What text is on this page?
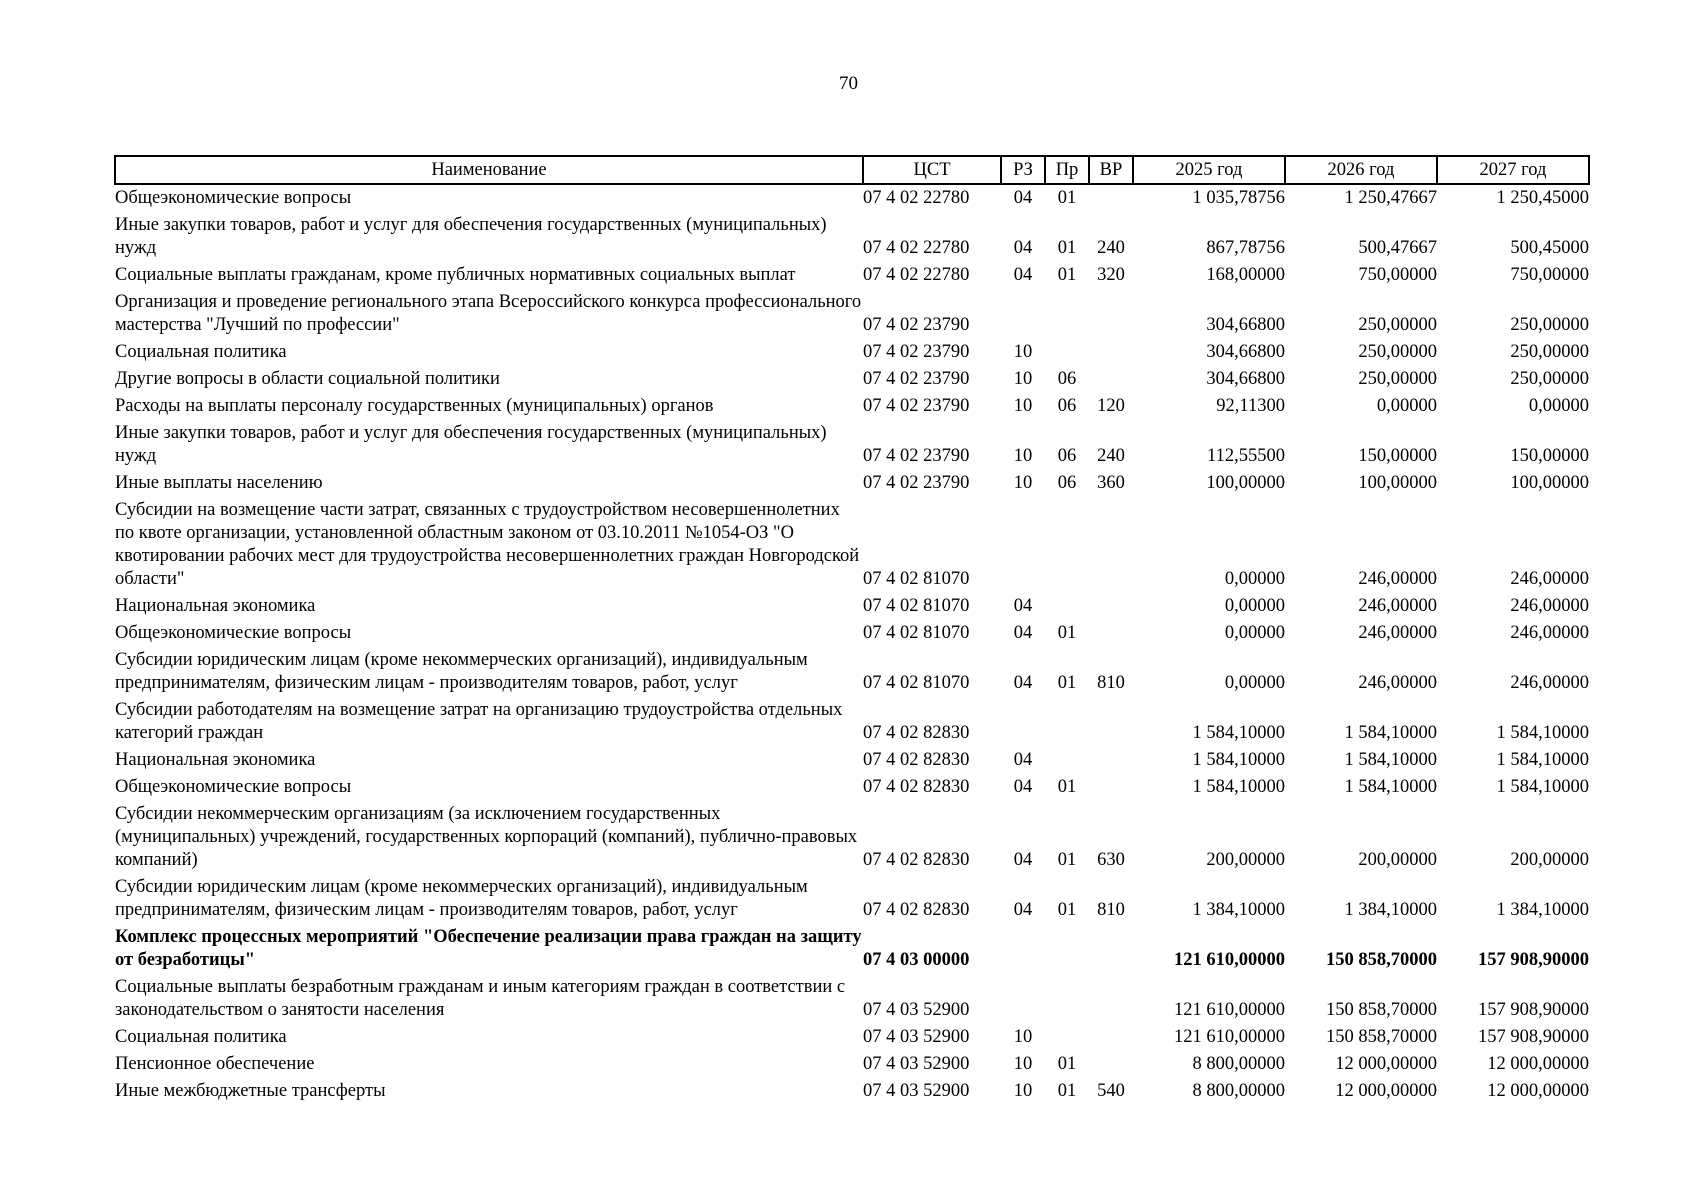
70
Наименование	ЦСТ	РЗ	Пр	ВР	2025 год	2026 год	2027 год
Общеэкономические вопросы	07 4 02 22780	04	01		1 035,78756	1 250,47667	1 250,45000
Иные закупки товаров, работ и услуг для обеспечения государственных (муниципальных) нужд	07 4 02 22780	04	01	240	867,78756	500,47667	500,45000
Социальные выплаты гражданам, кроме публичных нормативных социальных выплат	07 4 02 22780	04	01	320	168,00000	750,00000	750,00000
Организация и проведение регионального этапа Всероссийского конкурса профессионального мастерства "Лучший по профессии"	07 4 02 23790				304,66800	250,00000	250,00000
Социальная политика	07 4 02 23790	10			304,66800	250,00000	250,00000
Другие вопросы в области социальной политики	07 4 02 23790	10	06		304,66800	250,00000	250,00000
Расходы на выплаты персоналу государственных (муниципальных) органов	07 4 02 23790	10	06	120	92,11300	0,00000	0,00000
Иные закупки товаров, работ и услуг для обеспечения государственных (муниципальных) нужд	07 4 02 23790	10	06	240	112,55500	150,00000	150,00000
Иные выплаты населению	07 4 02 23790	10	06	360	100,00000	100,00000	100,00000
Субсидии на возмещение части затрат, связанных с трудоустройством несовершеннолетних по квоте организации, установленной областным законом от 03.10.2011 №1054-ОЗ "О квотировании рабочих мест для трудоустройства несовершеннолетних граждан Новгородской области"	07 4 02 81070				0,00000	246,00000	246,00000
Национальная экономика	07 4 02 81070	04			0,00000	246,00000	246,00000
Общеэкономические вопросы	07 4 02 81070	04	01		0,00000	246,00000	246,00000
Субсидии юридическим лицам (кроме некоммерческих организаций), индивидуальным предпринимателям, физическим лицам - производителям товаров, работ, услуг	07 4 02 81070	04	01	810	0,00000	246,00000	246,00000
Субсидии работодателям на возмещение затрат на организацию трудоустройства отдельных категорий граждан	07 4 02 82830				1 584,10000	1 584,10000	1 584,10000
Национальная экономика	07 4 02 82830	04			1 584,10000	1 584,10000	1 584,10000
Общеэкономические вопросы	07 4 02 82830	04	01		1 584,10000	1 584,10000	1 584,10000
Субсидии некоммерческим организациям (за исключением государственных (муниципальных) учреждений, государственных корпораций (компаний), публично-правовых компаний)	07 4 02 82830	04	01	630	200,00000	200,00000	200,00000
Субсидии юридическим лицам (кроме некоммерческих организаций), индивидуальным предпринимателям, физическим лицам - производителям товаров, работ, услуг	07 4 02 82830	04	01	810	1 384,10000	1 384,10000	1 384,10000
Комплекс процессных мероприятий "Обеспечение реализации права граждан на защиту от безработицы"	07 4 03 00000				121 610,00000	150 858,70000	157 908,90000
Социальные выплаты безработным гражданам и иным категориям граждан в соответствии с законодательством о занятости населения	07 4 03 52900				121 610,00000	150 858,70000	157 908,90000
Социальная политика	07 4 03 52900	10			121 610,00000	150 858,70000	157 908,90000
Пенсионное обеспечение	07 4 03 52900	10	01		8 800,00000	12 000,00000	12 000,00000
Иные межбюджетные трансферты	07 4 03 52900	10	01	540	8 800,00000	12 000,00000	12 000,00000
